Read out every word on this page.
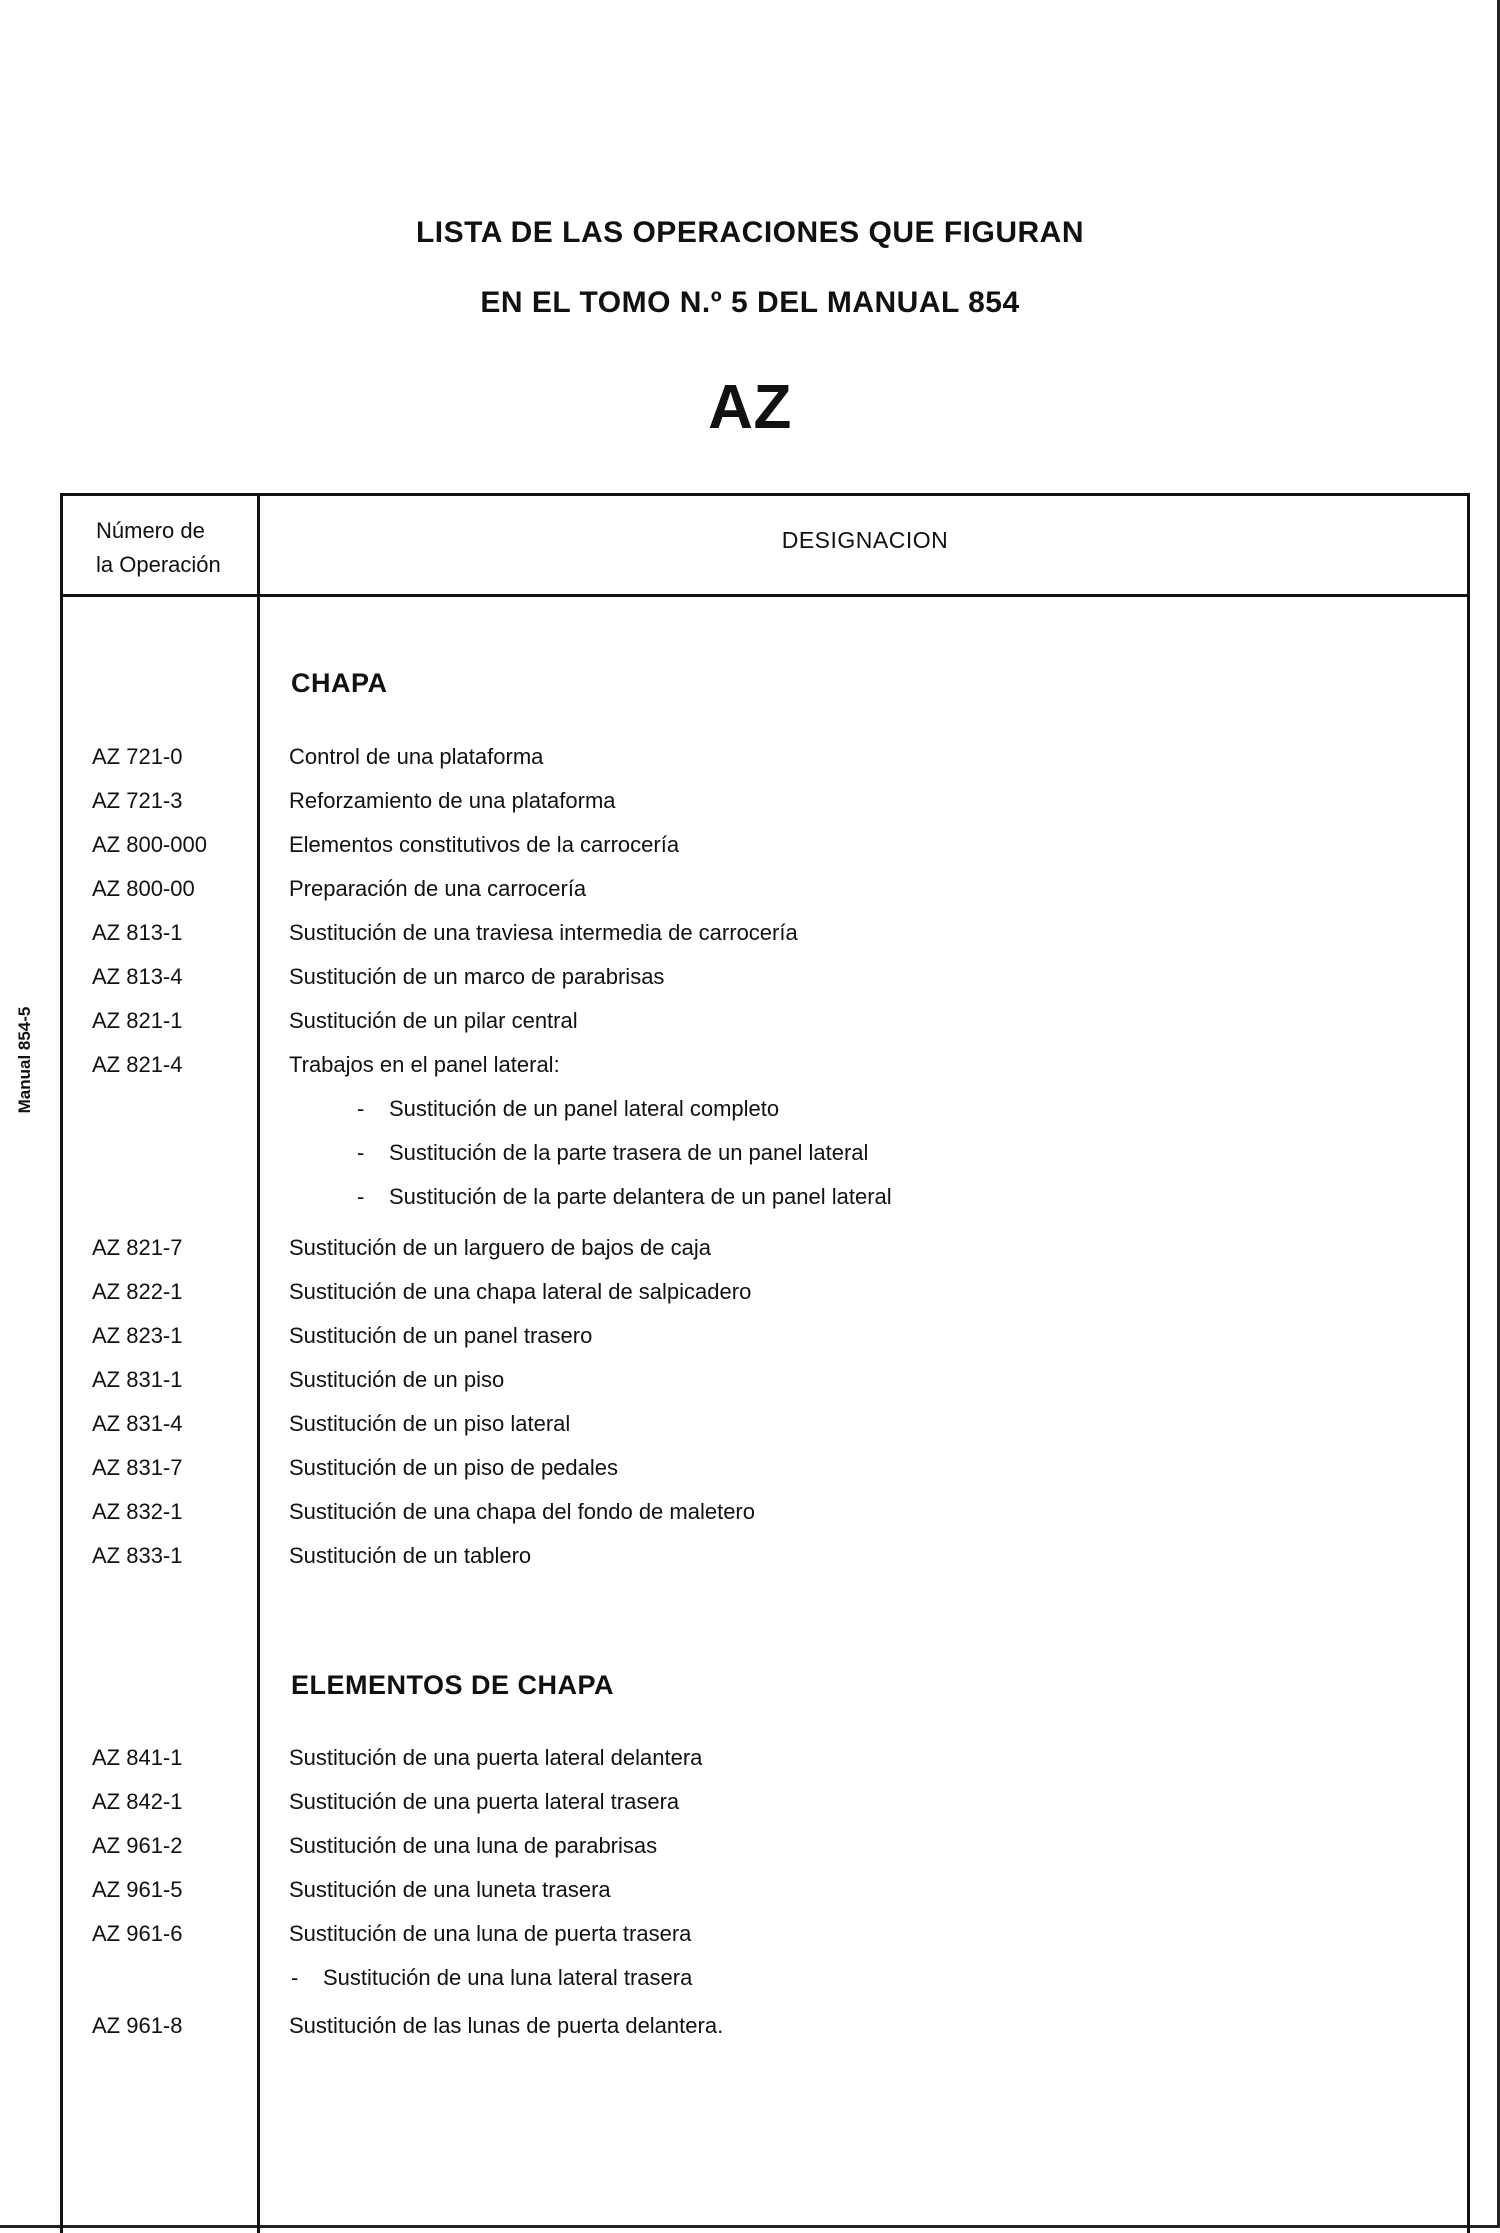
LISTA DE LAS OPERACIONES QUE FIGURAN
EN EL TOMO N.º 5 DEL MANUAL 854
AZ
Manual 854-5
Número de
la Operación
DESIGNACION
CHAPA
AZ 721-0	Control de una plataforma
AZ 721-3	Reforzamiento de una plataforma
AZ 800-000	Elementos constitutivos de la carrocería
AZ 800-00	Preparación de una carrocería
AZ 813-1	Sustitución de una traviesa intermedia de carrocería
AZ 813-4	Sustitución de un marco de parabrisas
AZ 821-1	Sustitución de un pilar central
AZ 821-4	Trabajos en el panel lateral:
- Sustitución de un panel lateral completo
- Sustitución de la parte trasera de un panel lateral
- Sustitución de la parte delantera de un panel lateral
AZ 821-7	Sustitución de un larguero de bajos de caja
AZ 822-1	Sustitución de una chapa lateral de salpicadero
AZ 823-1	Sustitución de un panel trasero
AZ 831-1	Sustitución de un piso
AZ 831-4	Sustitución de un piso lateral
AZ 831-7	Sustitución de un piso de pedales
AZ 832-1	Sustitución de una chapa del fondo de maletero
AZ 833-1	Sustitución de un tablero
ELEMENTOS DE CHAPA
AZ 841-1	Sustitución de una puerta lateral delantera
AZ 842-1	Sustitución de una puerta lateral trasera
AZ 961-2	Sustitución de una luna de parabrisas
AZ 961-5	Sustitución de una luneta trasera
AZ 961-6	Sustitución de una luna de puerta trasera
- Sustitución de una luna lateral trasera
AZ 961-8	Sustitución de las lunas de puerta delantera.
